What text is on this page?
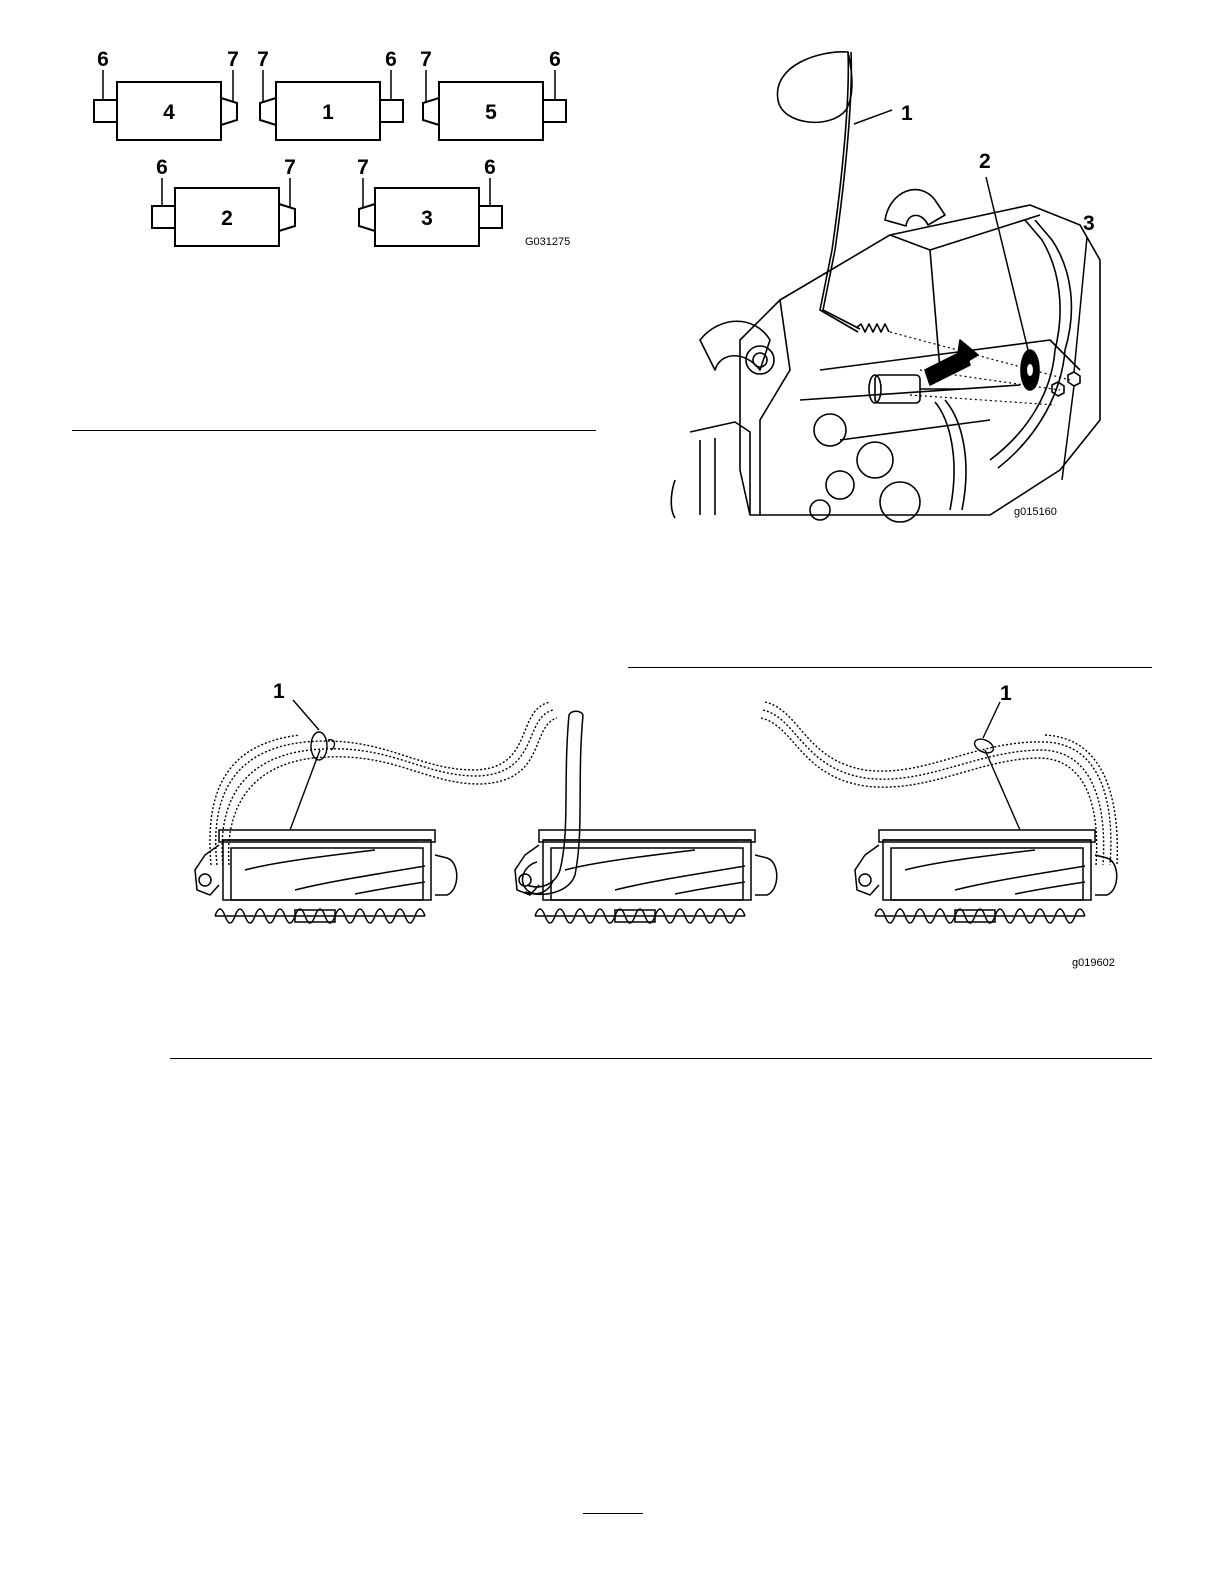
6	7 7	6 7	6
6	7	7	6
4	1	5
2	3
G031275
1
2
3
g015160
1	1
g019602
